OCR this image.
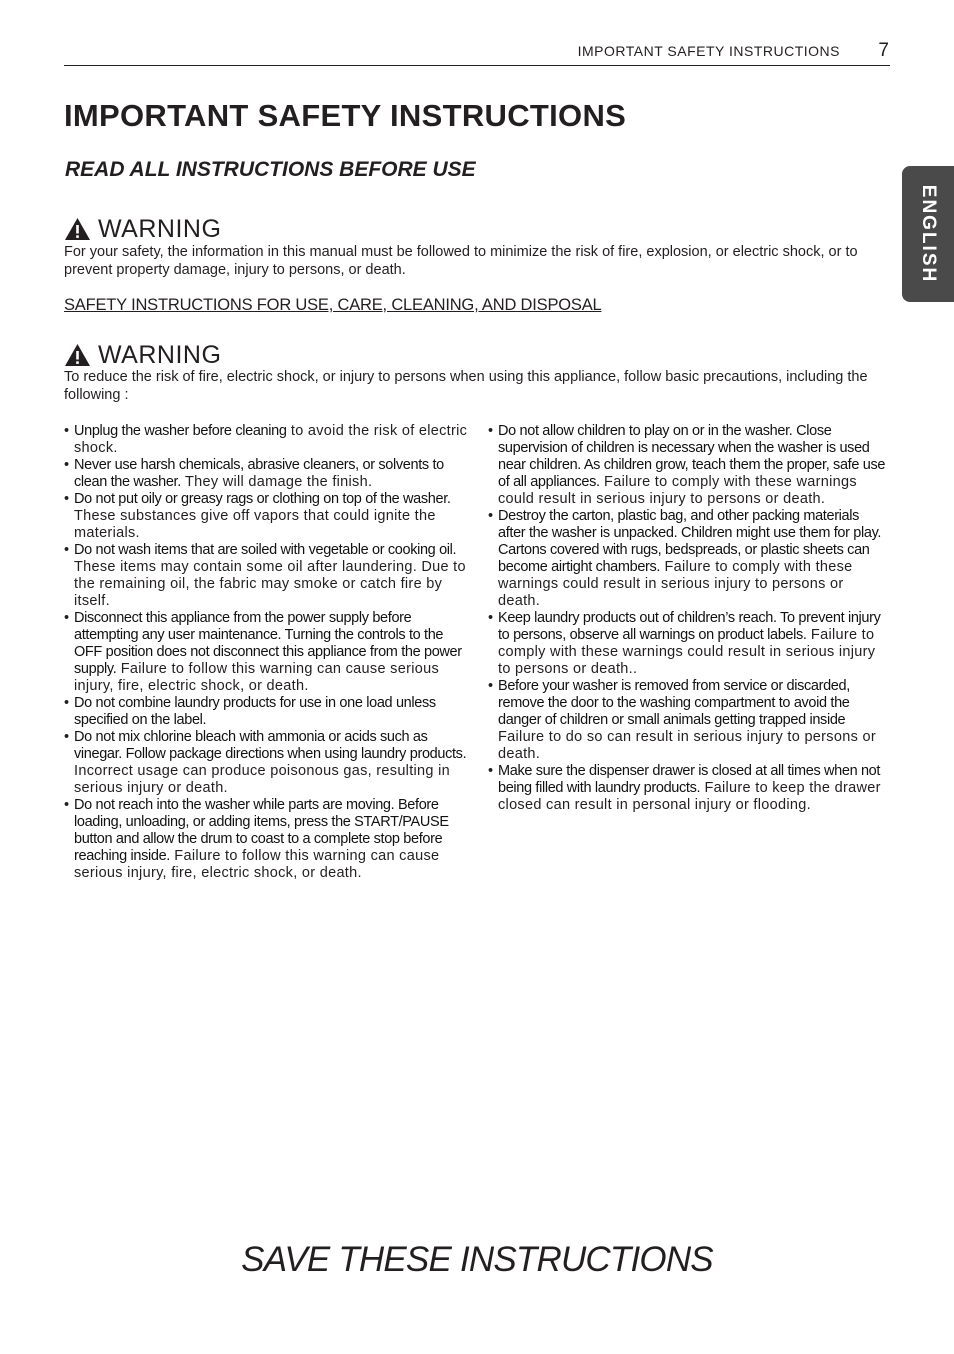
IMPORTANT SAFETY INSTRUCTIONS 7
ENGLISH
IMPORTANT SAFETY INSTRUCTIONS
READ ALL INSTRUCTIONS BEFORE USE
WARNING

For your safety, the information in this manual must be followed to minimize the risk of fire, explosion, or electric shock, or to prevent property damage, injury to persons, or death.

SAFETY INSTRUCTIONS FOR USE, CARE, CLEANING, AND DISPOSAL

WARNING

To reduce the risk of fire, electric shock, or injury to persons when using this appliance, follow basic precautions, including the following :

• Unplug the washer before cleaning to avoid the risk of electric shock.
• Never use harsh chemicals, abrasive cleaners, or solvents to clean the washer. They will damage the finish.
• Do not put oily or greasy rags or clothing on top of the washer. These substances give off vapors that could ignite the materials.
• Do not wash items that are soiled with vegetable or cooking oil. These items may contain some oil after laundering. Due to the remaining oil, the fabric may smoke or catch fire by itself.
• Disconnect this appliance from the power supply before attempting any user maintenance. Turning the controls to the OFF position does not disconnect this appliance from the power supply. Failure to follow this warning can cause serious injury, fire, electric shock, or death.
• Do not combine laundry products for use in one load unless specified on the label.
• Do not mix chlorine bleach with ammonia or acids such as vinegar. Follow package directions when using laundry products. Incorrect usage can produce poisonous gas, resulting in serious injury or death.
• Do not reach into the washer while parts are moving. Before loading, unloading, or adding items, press the START/PAUSE button and allow the drum to coast to a complete stop before reaching inside. Failure to follow this warning can cause serious injury, fire, electric shock, or death.
• Do not allow children to play on or in the washer. Close supervision of children is necessary when the washer is used near children. As children grow, teach them the proper, safe use of all appliances. Failure to comply with these warnings could result in serious injury to persons or death.
• Destroy the carton, plastic bag, and other packing materials after the washer is unpacked. Children might use them for play. Cartons covered with rugs, bedspreads, or plastic sheets can become airtight chambers. Failure to comply with these warnings could result in serious injury to persons or death.
• Keep laundry products out of children’s reach. To prevent injury to persons, observe all warnings on product labels. Failure to comply with these warnings could result in serious injury to persons or death..
• Before your washer is removed from service or discarded, remove the door to the washing compartment to avoid the danger of children or small animals getting trapped inside Failure to do so can result in serious injury to persons or death.
• Make sure the dispenser drawer is closed at all times when not being filled with laundry products. Failure to keep the drawer closed can result in personal injury or flooding.

SAVE THESE INSTRUCTIONS
